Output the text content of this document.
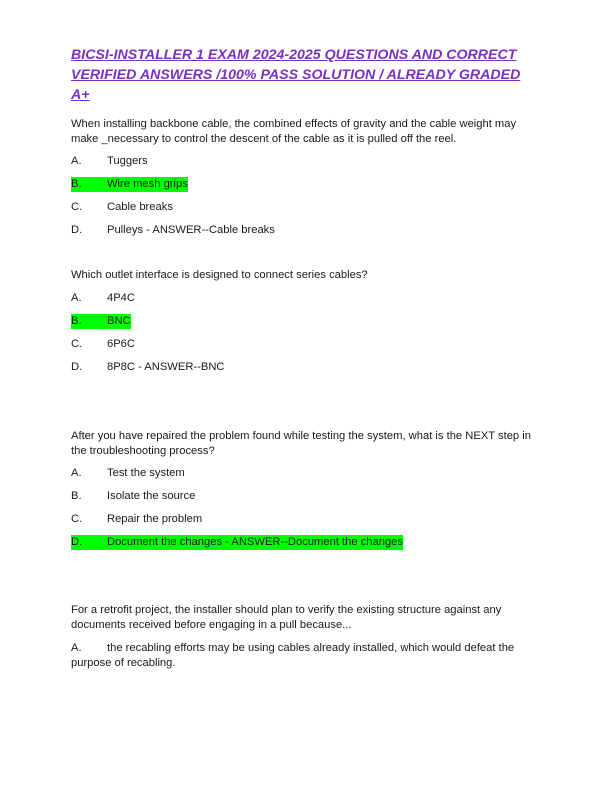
BICSI-INSTALLER 1 EXAM 2024-2025 QUESTIONS AND CORRECT VERIFIED ANSWERS /100% PASS SOLUTION / ALREADY GRADED A+

When installing backbone cable, the combined effects of gravity and the cable weight may make _necessary to control the descent of the cable as it is pulled off the reel.

A. Tuggers
B. Wire mesh grips
C. Cable breaks
D. Pulleys - ANSWER--Cable breaks

Which outlet interface is designed to connect series cables?

A. 4P4C
B. BNC
C. 6P6C
D. 8P8C - ANSWER--BNC

After you have repaired the problem found while testing the system, what is the NEXT step in the troubleshooting process?

A. Test the system
B. Isolate the source
C. Repair the problem
D. Document the changes - ANSWER--Document the changes

For a retrofit project, the installer should plan to verify the existing structure against any documents received before engaging in a pull because...

A. the recabling efforts may be using cables already installed, which would defeat the purpose of recabling.
